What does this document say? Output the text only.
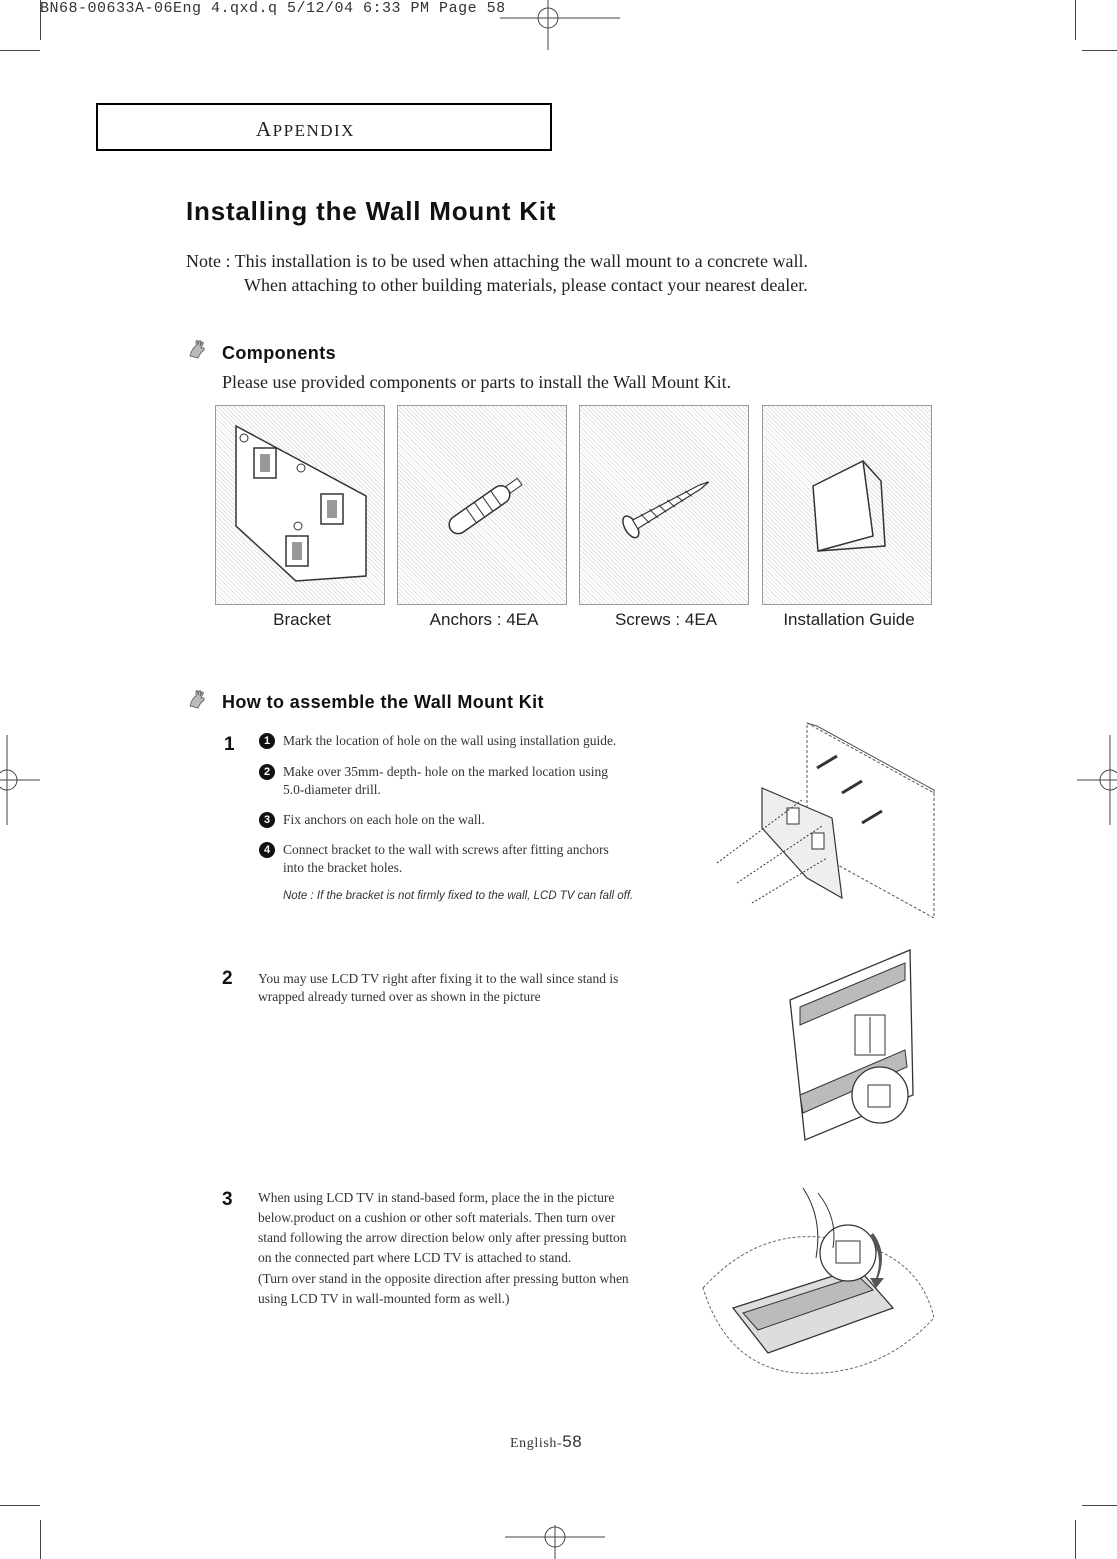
BN68-00633A-06Eng 4.qxd.q 5/12/04 6:33 PM Page 58
APPENDIX
Installing the Wall Mount Kit
Note : This installation is to be used when attaching the wall mount to a concrete wall.
When attaching to other building materials, please contact your nearest dealer.
Components
Please use provided components or parts to install the Wall Mount Kit.
Bracket	Anchors : 4EA	Screws : 4EA	Installation Guide
How to assemble the Wall Mount Kit
1	1 Mark the location of hole on the wall using installation guide.
2 Make over 35mm- depth- hole on the marked location using
5.0-diameter drill.
3 Fix anchors on each hole on the wall.
4 Connect bracket to the wall with screws after fitting anchors
into the bracket holes.
Note : If the bracket is not firmly fixed to the wall, LCD TV can fall off.
2 You may use LCD TV right after fixing it to the wall since stand is
wrapped already turned over as shown in the picture
3 When using LCD TV in stand-based form, place the in the picture
below.product on a cushion or other soft materials. Then turn over
stand following the arrow direction below only after pressing button
on the connected part where LCD TV is attached to stand.
(Turn over stand in the opposite direction after pressing button when
using LCD TV in wall-mounted form as well.)
English-58
